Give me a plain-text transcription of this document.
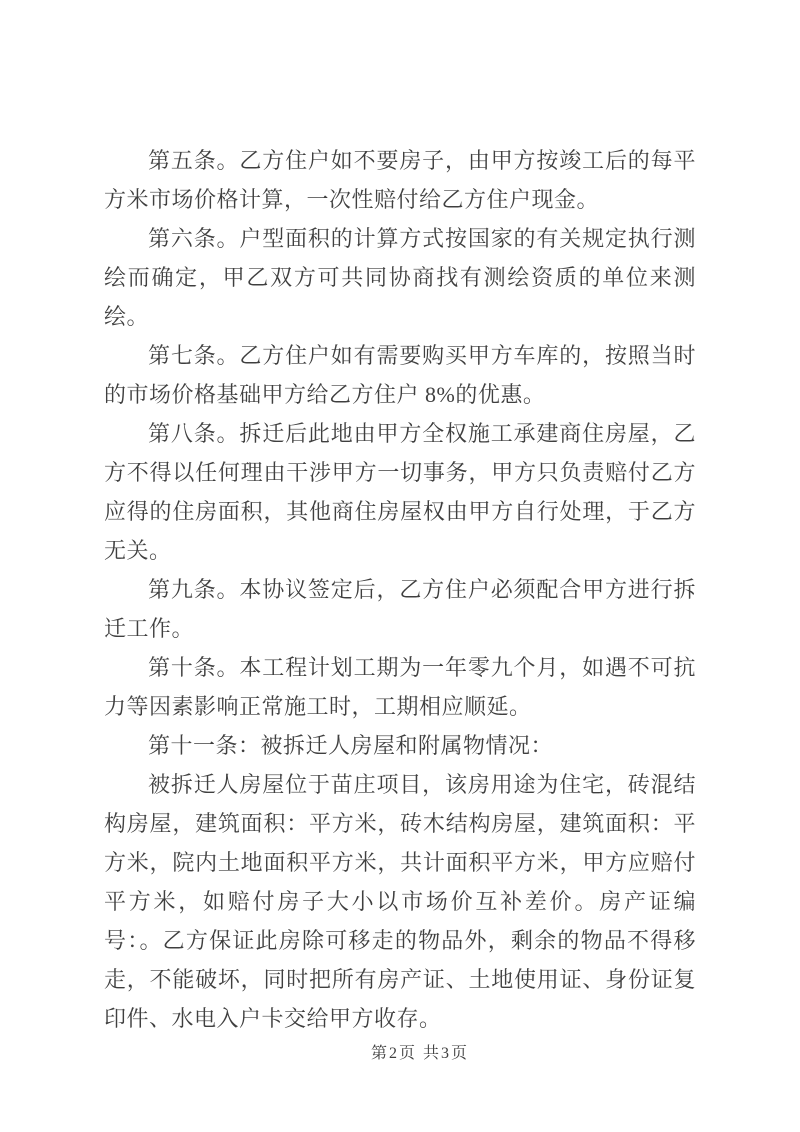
第五条。乙方住户如不要房子，由甲方按竣工后的每平方米市场价格计算，一次性赔付给乙方住户现金。

第六条。户型面积的计算方式按国家的有关规定执行测绘而确定，甲乙双方可共同协商找有测绘资质的单位来测绘。

第七条。乙方住户如有需要购买甲方车库的，按照当时的市场价格基础甲方给乙方住户 8%的优惠。

第八条。拆迁后此地由甲方全权施工承建商住房屋，乙方不得以任何理由干涉甲方一切事务，甲方只负责赔付乙方应得的住房面积，其他商住房屋权由甲方自行处理，于乙方无关。

第九条。本协议签定后，乙方住户必须配合甲方进行拆迁工作。

第十条。本工程计划工期为一年零九个月，如遇不可抗力等因素影响正常施工时，工期相应顺延。

第十一条：被拆迁人房屋和附属物情况：

被拆迁人房屋位于苗庄项目，该房用途为住宅，砖混结构房屋，建筑面积：平方米，砖木结构房屋，建筑面积：平方米，院内土地面积平方米，共计面积平方米，甲方应赔付平方米，如赔付房子大小以市场价互补差价。房产证编号：。乙方保证此房除可移走的物品外，剩余的物品不得移走，不能破坏，同时把所有房产证、土地使用证、身份证复印件、水电入户卡交给甲方收存。

第2页 共3页
